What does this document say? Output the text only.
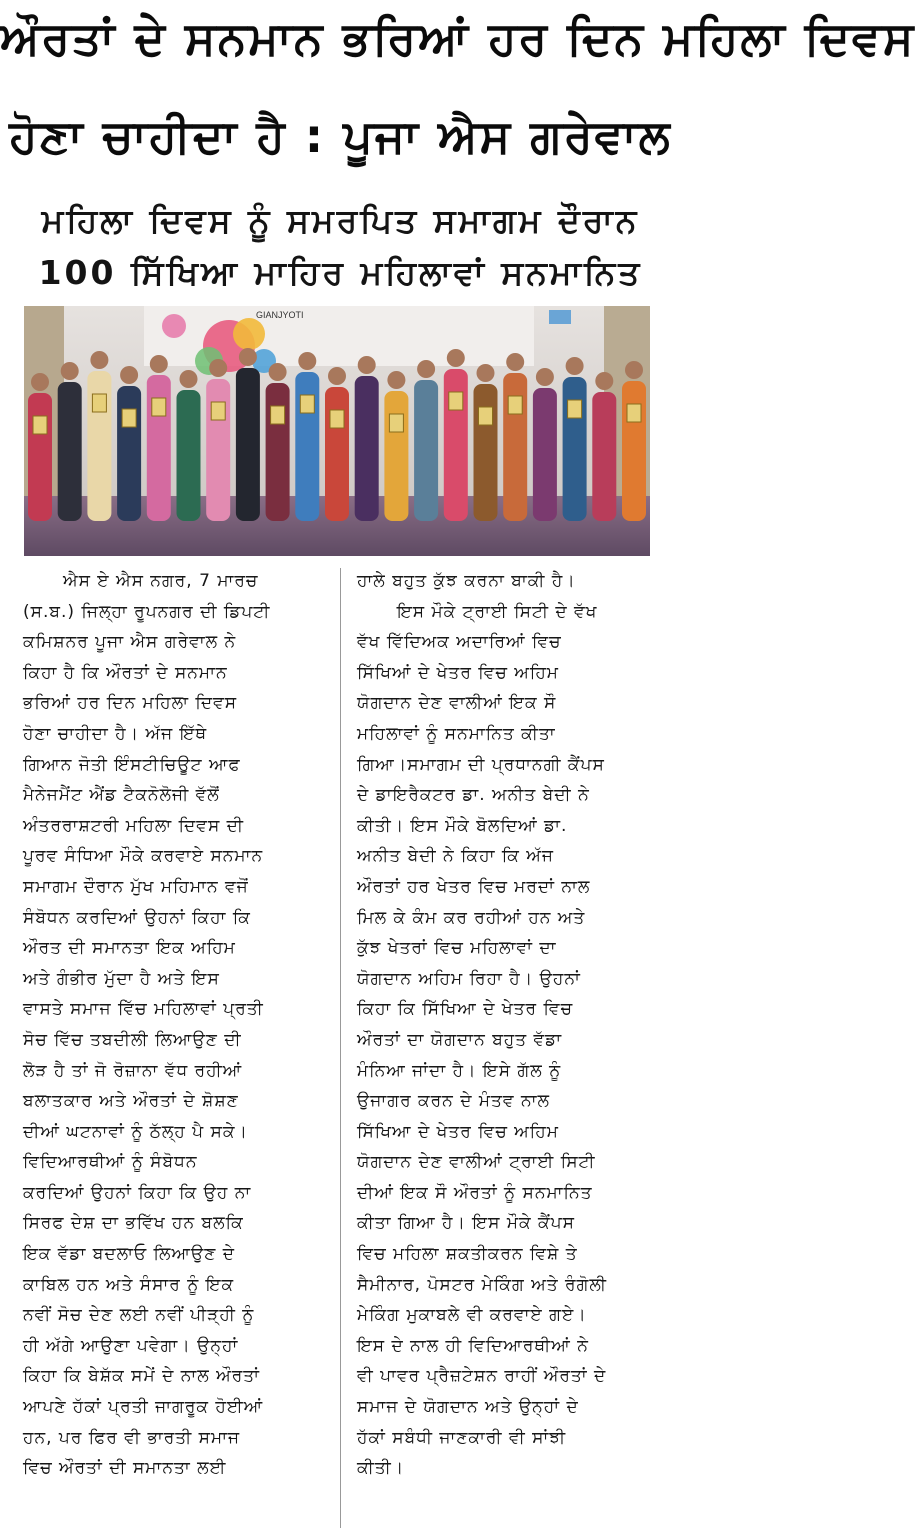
ਔਰਤਾਂ ਦੇ ਸਨਮਾਨ ਭਰਿਆਂ ਹਰ ਦਿਨ ਮਹਿਲਾ ਦਿਵਸ
ਹੋਣਾ ਚਾਹੀਦਾ ਹੈ : ਪੂਜਾ ਐਸ ਗਰੇਵਾਲ
ਮਹਿਲਾ ਦਿਵਸ ਨੂੰ ਸਮਰਪਿਤ ਸਮਾਗਮ ਦੌਰਾਨ
100 ਸਿੱਖਿਆ ਮਾਹਿਰ ਮਹਿਲਾਵਾਂ ਸਨਮਾਨਿਤ
GIANJYOTI
ਐਸ ਏ ਐਸ ਨਗਰ, 7 ਮਾਰਚ
(ਸ.ਬ.) ਜਿਲ੍ਹਾ ਰੂਪਨਗਰ ਦੀ ਡਿਪਟੀ
ਕਮਿਸ਼ਨਰ ਪੂਜਾ ਐਸ ਗਰੇਵਾਲ ਨੇ
ਕਿਹਾ ਹੈ ਕਿ ਔਰਤਾਂ ਦੇ ਸਨਮਾਨ
ਭਰਿਆਂ ਹਰ ਦਿਨ ਮਹਿਲਾ ਦਿਵਸ
ਹੋਣਾ ਚਾਹੀਦਾ ਹੈ। ਅੱਜ ਇੱਥੇ
ਗਿਆਨ ਜੋਤੀ ਇੰਸਟੀਚਿਊਟ ਆਫ
ਮੈਨੇਜਮੈਂਟ ਐਂਡ ਟੈਕਨੋਲੋਜੀ ਵੱਲੋਂ
ਅੰਤਰਰਾਸ਼ਟਰੀ ਮਹਿਲਾ ਦਿਵਸ ਦੀ
ਪੂਰਵ ਸੰਧਿਆ ਮੌਕੇ ਕਰਵਾਏ ਸਨਮਾਨ
ਸਮਾਗਮ ਦੌਰਾਨ ਮੁੱਖ ਮਹਿਮਾਨ ਵਜੋਂ
ਸੰਬੋਧਨ ਕਰਦਿਆਂ ਉਹਨਾਂ ਕਿਹਾ ਕਿ
ਔਰਤ ਦੀ ਸਮਾਨਤਾ ਇਕ ਅਹਿਮ
ਅਤੇ ਗੰਭੀਰ ਮੁੱਦਾ ਹੈ ਅਤੇ ਇਸ
ਵਾਸਤੇ ਸਮਾਜ ਵਿੱਚ ਮਹਿਲਾਵਾਂ ਪ੍ਰਤੀ
ਸੋਚ ਵਿੱਚ ਤਬਦੀਲੀ ਲਿਆਉਣ ਦੀ
ਲੋੜ ਹੈ ਤਾਂ ਜੋ ਰੋਜ਼ਾਨਾ ਵੱਧ ਰਹੀਆਂ
ਬਲਾਤਕਾਰ ਅਤੇ ਔਰਤਾਂ ਦੇ ਸ਼ੋਸ਼ਣ
ਦੀਆਂ ਘਟਨਾਵਾਂ ਨੂੰ ਠੱਲ੍ਹ ਪੈ ਸਕੇ।
ਵਿਦਿਆਰਥੀਆਂ ਨੂੰ ਸੰਬੋਧਨ
ਕਰਦਿਆਂ ਉਹਨਾਂ ਕਿਹਾ ਕਿ ਉਹ ਨਾ
ਸਿਰਫ ਦੇਸ਼ ਦਾ ਭਵਿੱਖ ਹਨ ਬਲਕਿ
ਇਕ ਵੱਡਾ ਬਦਲਾਓ ਲਿਆਉਣ ਦੇ
ਕਾਬਿਲ ਹਨ ਅਤੇ ਸੰਸਾਰ ਨੂੰ ਇਕ
ਨਵੀਂ ਸੋਚ ਦੇਣ ਲਈ ਨਵੀਂ ਪੀੜ੍ਹੀ ਨੂੰ
ਹੀ ਅੱਗੇ ਆਉਣਾ ਪਵੇਗਾ। ਉਨ੍ਹਾਂ
ਕਿਹਾ ਕਿ ਬੇਸ਼ੱਕ ਸਮੇਂ ਦੇ ਨਾਲ ਔਰਤਾਂ
ਆਪਣੇ ਹੱਕਾਂ ਪ੍ਰਤੀ ਜਾਗਰੂਕ ਹੋਈਆਂ
ਹਨ, ਪਰ ਫਿਰ ਵੀ ਭਾਰਤੀ ਸਮਾਜ
ਵਿਚ ਔਰਤਾਂ ਦੀ ਸਮਾਨਤਾ ਲਈ
ਹਾਲੇ ਬਹੁਤ ਕੁੱਝ ਕਰਨਾ ਬਾਕੀ ਹੈ।
ਇਸ ਮੌਕੇ ਟ੍ਰਾਈ ਸਿਟੀ ਦੇ ਵੱਖ
ਵੱਖ ਵਿੱਦਿਅਕ ਅਦਾਰਿਆਂ ਵਿਚ
ਸਿੱਖਿਆਂ ਦੇ ਖੇਤਰ ਵਿਚ ਅਹਿਮ
ਯੋਗਦਾਨ ਦੇਣ ਵਾਲੀਆਂ ਇਕ ਸੌ
ਮਹਿਲਾਵਾਂ ਨੂੰ ਸਨਮਾਨਿਤ ਕੀਤਾ
ਗਿਆ।ਸਮਾਗਮ ਦੀ ਪ੍ਰਧਾਨਗੀ ਕੈਂਪਸ
ਦੇ ਡਾਇਰੈਕਟਰ ਡਾ. ਅਨੀਤ ਬੇਦੀ ਨੇ
ਕੀਤੀ। ਇਸ ਮੌਕੇ ਬੋਲਦਿਆਂ ਡਾ.
ਅਨੀਤ ਬੇਦੀ ਨੇ ਕਿਹਾ ਕਿ ਅੱਜ
ਔਰਤਾਂ ਹਰ ਖੇਤਰ ਵਿਚ ਮਰਦਾਂ ਨਾਲ
ਮਿਲ ਕੇ ਕੰਮ ਕਰ ਰਹੀਆਂ ਹਨ ਅਤੇ
ਕੁੱਝ ਖੇਤਰਾਂ ਵਿਚ ਮਹਿਲਾਵਾਂ ਦਾ
ਯੋਗਦਾਨ ਅਹਿਮ ਰਿਹਾ ਹੈ। ਉਹਨਾਂ
ਕਿਹਾ ਕਿ ਸਿੱਖਿਆ ਦੇ ਖੇਤਰ ਵਿਚ
ਔਰਤਾਂ ਦਾ ਯੋਗਦਾਨ ਬਹੁਤ ਵੱਡਾ
ਮੰਨਿਆ ਜਾਂਦਾ ਹੈ। ਇਸੇ ਗੱਲ ਨੂੰ
ਉਜਾਗਰ ਕਰਨ ਦੇ ਮੰਤਵ ਨਾਲ
ਸਿੱਖਿਆ ਦੇ ਖੇਤਰ ਵਿਚ ਅਹਿਮ
ਯੋਗਦਾਨ ਦੇਣ ਵਾਲੀਆਂ ਟ੍ਰਾਈ ਸਿਟੀ
ਦੀਆਂ ਇਕ ਸੌ ਔਰਤਾਂ ਨੂੰ ਸਨਮਾਨਿਤ
ਕੀਤਾ ਗਿਆ ਹੈ। ਇਸ ਮੌਕੇ ਕੈਂਪਸ
ਵਿਚ ਮਹਿਲਾ ਸ਼ਕਤੀਕਰਨ ਵਿਸ਼ੇ ਤੇ
ਸੈਮੀਨਾਰ, ਪੋਸਟਰ ਮੇਕਿੰਗ ਅਤੇ ਰੰਗੋਲੀ
ਮੇਕਿੰਗ ਮੁਕਾਬਲੇ ਵੀ ਕਰਵਾਏ ਗਏ।
ਇਸ ਦੇ ਨਾਲ ਹੀ ਵਿਦਿਆਰਥੀਆਂ ਨੇ
ਵੀ ਪਾਵਰ ਪ੍ਰੈਜ਼ਟੇਸ਼ਨ ਰਾਹੀਂ ਔਰਤਾਂ ਦੇ
ਸਮਾਜ ਦੇ ਯੋਗਦਾਨ ਅਤੇ ਉਨ੍ਹਾਂ ਦੇ
ਹੱਕਾਂ ਸਬੰਧੀ ਜਾਣਕਾਰੀ ਵੀ ਸਾਂਝੀ
ਕੀਤੀ।
